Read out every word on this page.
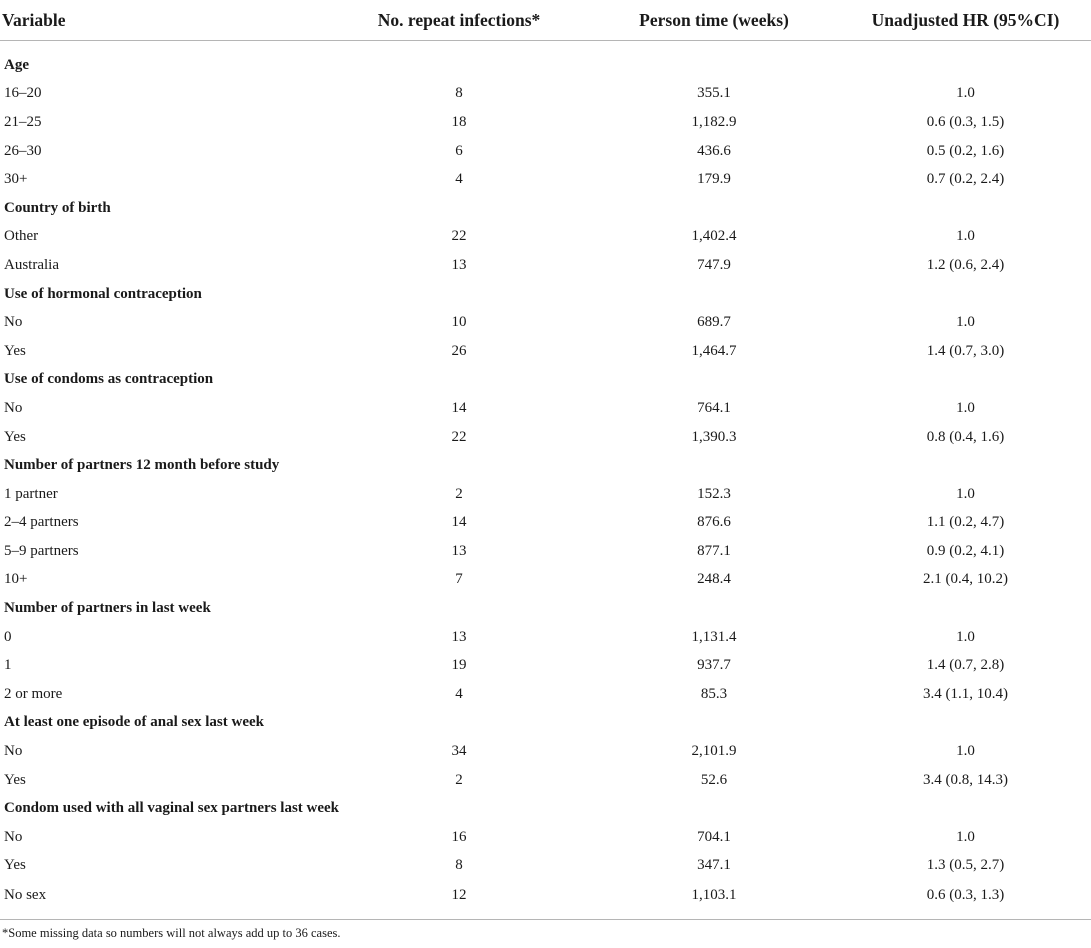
Variable	No. repeat infections*	Person time (weeks)	Unadjusted HR (95%CI)

Age			
16–20	8	355.1	1.0
21–25	18	1,182.9	0.6 (0.3, 1.5)
26–30	6	436.6	0.5 (0.2, 1.6)
30+	4	179.9	0.7 (0.2, 2.4)
Country of birth			
Other	22	1,402.4	1.0
Australia	13	747.9	1.2 (0.6, 2.4)
Use of hormonal contraception			
No	10	689.7	1.0
Yes	26	1,464.7	1.4 (0.7, 3.0)
Use of condoms as contraception			
No	14	764.1	1.0
Yes	22	1,390.3	0.8 (0.4, 1.6)
Number of partners 12 month before study			
1 partner	2	152.3	1.0
2–4 partners	14	876.6	1.1 (0.2, 4.7)
5–9 partners	13	877.1	0.9 (0.2, 4.1)
10+	7	248.4	2.1 (0.4, 10.2)
Number of partners in last week			
0	13	1,131.4	1.0
1	19	937.7	1.4 (0.7, 2.8)
2 or more	4	85.3	3.4 (1.1, 10.4)
At least one episode of anal sex last week			
No	34	2,101.9	1.0
Yes	2	52.6	3.4 (0.8, 14.3)
Condom used with all vaginal sex partners last week			
No	16	704.1	1.0
Yes	8	347.1	1.3 (0.5, 2.7)
No sex	12	1,103.1	0.6 (0.3, 1.3)

*Some missing data so numbers will not always add up to 36 cases.
